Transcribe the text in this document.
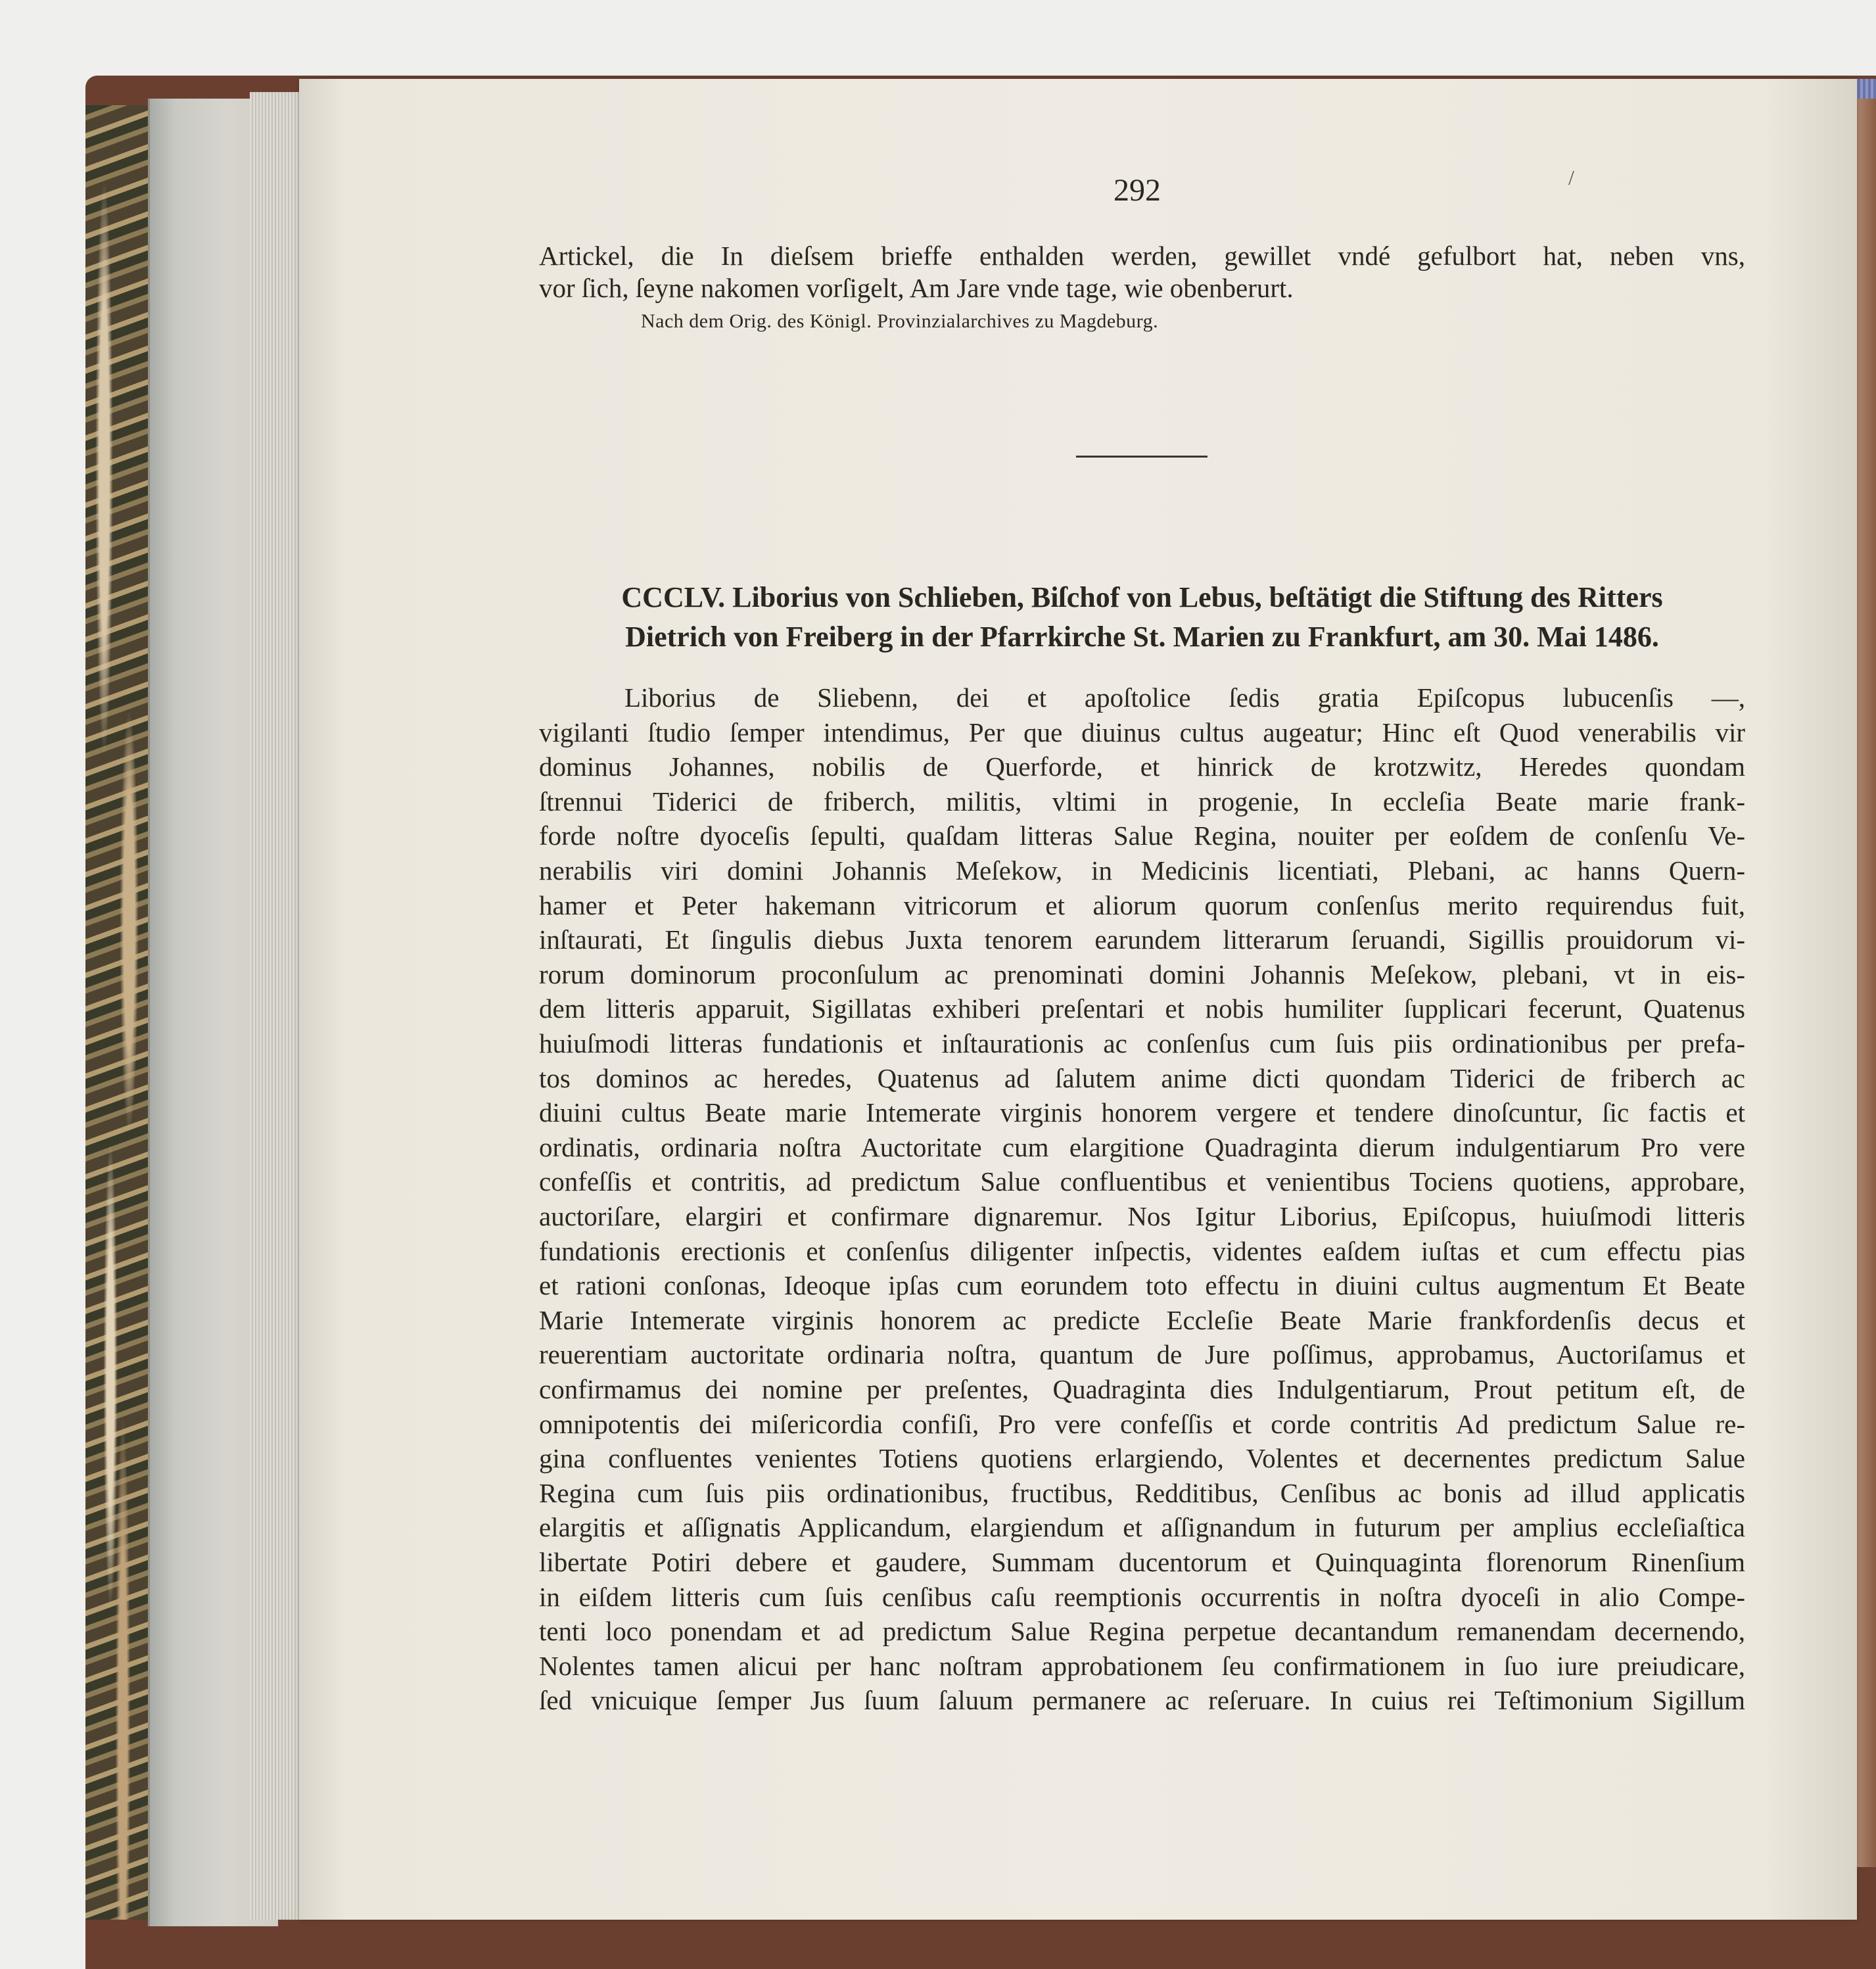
292	/
Artickel, die In dieſsem brieffe enthalden werden, gewillet vndé gefulbort hat, neben vns,
vor ſich, ſeyne nakomen vorſigelt, Am Jare vnde tage, wie obenberurt.
Nach dem Orig. des Königl. Provinzialarchives zu Magdeburg.
CCCLV. Liborius von Schlieben, Biſchof von Lebus, beſtätigt die Stiftung des Ritters
Dietrich von Freiberg in der Pfarrkirche St. Marien zu Frankfurt, am 30. Mai 1486.
Liborius de Sliebenn, dei et apoſtolice ſedis gratia Epiſcopus lubucenſis —,
vigilanti ſtudio ſemper intendimus, Per que diuinus cultus augeatur; Hinc eſt Quod venerabilis vir
dominus Johannes, nobilis de Querforde, et hinrick de krotzwitz, Heredes quondam
ſtrennui Tiderici de friberch, militis, vltimi in progenie, In eccleſia Beate marie frank-
forde noſtre dyoceſis ſepulti, quaſdam litteras Salue Regina, nouiter per eoſdem de conſenſu Ve-
nerabilis viri domini Johannis Meſekow, in Medicinis licentiati, Plebani, ac hanns Quern-
hamer et Peter hakemann vitricorum et aliorum quorum conſenſus merito requirendus fuit,
inſtaurati, Et ſingulis diebus Juxta tenorem earundem litterarum ſeruandi, Sigillis prouidorum vi-
rorum dominorum proconſulum ac prenominati domini Johannis Meſekow, plebani, vt in eis-
dem litteris apparuit, Sigillatas exhiberi preſentari et nobis humiliter ſupplicari fecerunt, Quatenus
huiuſmodi litteras fundationis et inſtaurationis ac conſenſus cum ſuis piis ordinationibus per prefa-
tos dominos ac heredes, Quatenus ad ſalutem anime dicti quondam Tiderici de friberch ac
diuini cultus Beate marie Intemerate virginis honorem vergere et tendere dinoſcuntur, ſic factis et
ordinatis, ordinaria noſtra Auctoritate cum elargitione Quadraginta dierum indulgentiarum Pro vere
confeſſis et contritis, ad predictum Salue confluentibus et venientibus Tociens quotiens, approbare,
auctoriſare, elargiri et confirmare dignaremur. Nos Igitur Liborius, Epiſcopus, huiuſmodi litteris
fundationis erectionis et conſenſus diligenter inſpectis, videntes eaſdem iuſtas et cum effectu pias
et rationi conſonas, Ideoque ipſas cum eorundem toto effectu in diuini cultus augmentum Et Beate
Marie Intemerate virginis honorem ac predicte Eccleſie Beate Marie frankfordenſis decus et
reuerentiam auctoritate ordinaria noſtra, quantum de Jure poſſimus, approbamus, Auctoriſamus et
confirmamus dei nomine per preſentes, Quadraginta dies Indulgentiarum, Prout petitum eſt, de
omnipotentis dei miſericordia confiſi, Pro vere confeſſis et corde contritis Ad predictum Salue re-
gina confluentes venientes Totiens quotiens erlargiendo, Volentes et decernentes predictum Salue
Regina cum ſuis piis ordinationibus, fructibus, Redditibus, Cenſibus ac bonis ad illud applicatis
elargitis et aſſignatis Applicandum, elargiendum et aſſignandum in futurum per amplius eccleſiaſtica
libertate Potiri debere et gaudere, Summam ducentorum et Quinquaginta florenorum Rinenſium
in eiſdem litteris cum ſuis cenſibus caſu reemptionis occurrentis in noſtra dyoceſi in alio Compe-
tenti loco ponendam et ad predictum Salue Regina perpetue decantandum remanendam decernendo,
Nolentes tamen alicui per hanc noſtram approbationem ſeu confirmationem in ſuo iure preiudicare,
ſed vnicuique ſemper Jus ſuum ſaluum permanere ac reſeruare. In cuius rei Teſtimonium Sigillum
